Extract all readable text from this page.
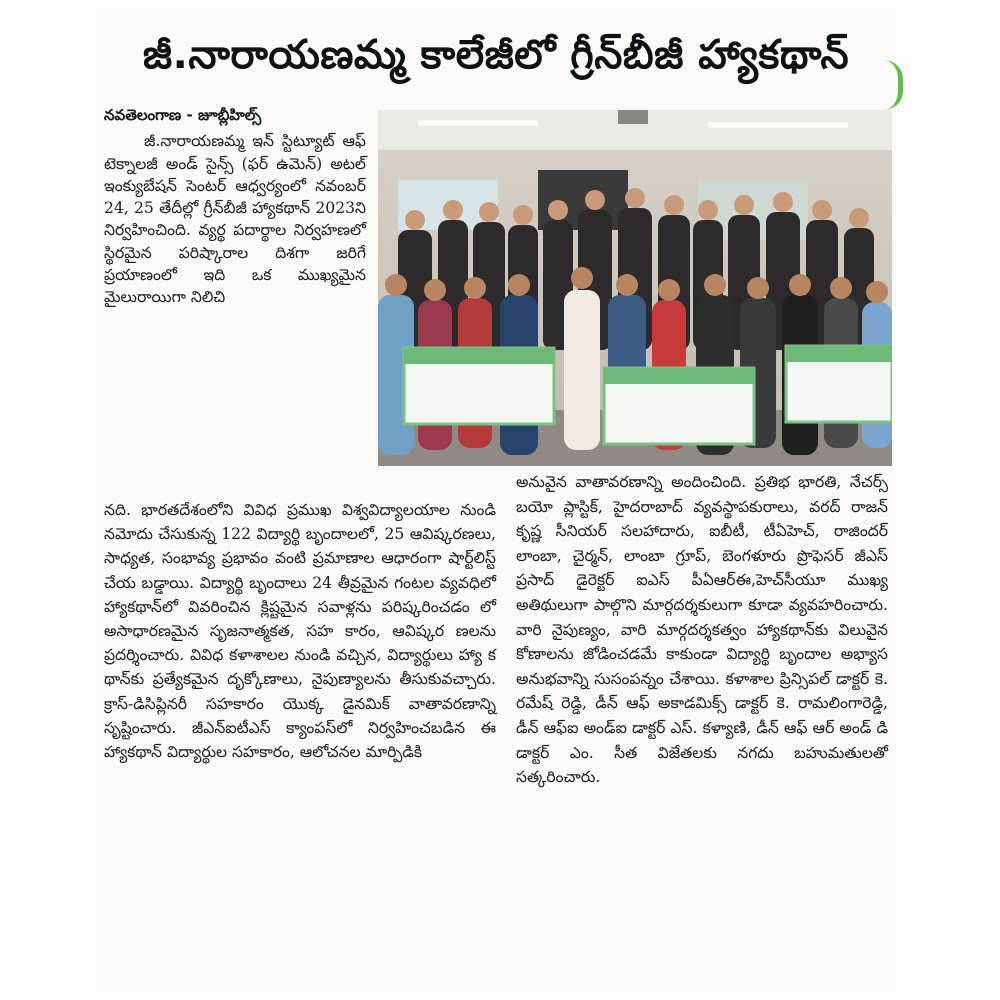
జీ.నారాయణమ్మ కాలేజీలో గ్రీన్‌బీజీ హ్యాకథాన్
నవతెలంగాణ - జూబ్లీహిల్స్
జీ.నారాయణమ్మ ఇన్ స్టిట్యూట్ ఆఫ్ టెక్నాలజీ అండ్ సైన్స్ (ఫర్ ఉమెన్) అటల్ ఇంక్యుబేషన్ సెంటర్ ఆధ్వర్యంలో నవంబర్ 24, 25 తేదీల్లో గ్రీన్‌బీజీ హ్యాకథాన్ 2023ని నిర్వహించింది. వ్యర్థ పదార్థాల నిర్వహణలో స్థిరమైన పరిష్కారాల దిశగా జరిగే ప్రయాణంలో ఇది ఒక ముఖ్యమైన మైలురాయిగా నిలిచి
నది. భారతదేశంలోని వివిధ ప్రముఖ విశ్వవిద్యాలయాల నుండి నమోదు చేసుకున్న 122 విద్యార్థి బృందాలలో, 25 ఆవిష్కరణలు, సాధ్యత, సంభావ్య ప్రభావం వంటి ప్రమాణాల ఆధారంగా షార్ట్‌లిస్ట్ చేయ బడ్డాయి. విద్యార్థి బృందాలు 24 తీవ్రమైన గంటల వ్యవధిలో హ్యాకథాన్‌లో వివరించిన క్లిష్టమైన సవాళ్లను పరిష్కరించడం లో అసాధారణమైన సృజనాత్మకత, సహ కారం, ఆవిష్కర ణలను ప్రదర్శించారు. వివిధ కళాశాలల నుండి వచ్చిన, విద్యార్థులు హ్యా క థాన్‌కు ప్రత్యేకమైన దృక్కోణాలు, నైపుణ్యాలను తీసుకువచ్చారు. క్రాస్-డిసిప్లినరీ సహకారం యొక్క డైనమిక్ వాతావరణాన్ని సృష్టించారు. జీఎన్ఐటీఎస్ క్యాంపస్‌లో నిర్వహించబడిన ఈ హ్యాకథాన్ విద్యార్థుల సహకారం, ఆలోచనల మార్పిడికి
అనువైన వాతావరణాన్ని అందించింది. ప్రతిభ భారతి, నేచర్స్ బయో ప్లాస్టిక్, హైదరాబాద్ వ్యవస్థాపకురాలు, వరద్ రాజన్ కృష్ణ సీనియర్ సలహాదారు, ఐబీటీ, టీఏహెచ్, రాజిందర్ లాంబా, చైర్మన్, లాంబా గ్రూప్, బెంగళూరు ప్రొఫెసర్ జీఎస్ ప్రసాద్ డైరెక్టర్ ఐఎస్ పీఏఆర్ఈ,హెచ్‌సీయూ ముఖ్య అతిథులుగా పాల్గొని మార్గదర్శకులుగా కూడా వ్యవహరించారు. వారి నైపుణ్యం, వారి మార్గదర్శకత్వం హ్యాకథాన్‌కు విలువైన కోణాలను జోడించడమే కాకుండా విద్యార్థి బృందాల అభ్యాస అనుభవాన్ని సుసంపన్నం చేశాయి. కళాశాల ప్రిన్సిపల్ డాక్టర్ కె. రమేష్ రెడ్డి, డీన్ ఆఫ్ అకాడమిక్స్ డాక్టర్ కె. రామలింగారెడ్డి, డీన్ ఆఫ్‌ఐ అండ్‌ఐ డాక్టర్ ఎస్. కళ్యాణి, డీన్ ఆఫ్ ఆర్ అండ్ డి డాక్టర్ ఎం. సీత విజేతలకు నగదు బహుమతులతో సత్కరించారు.
